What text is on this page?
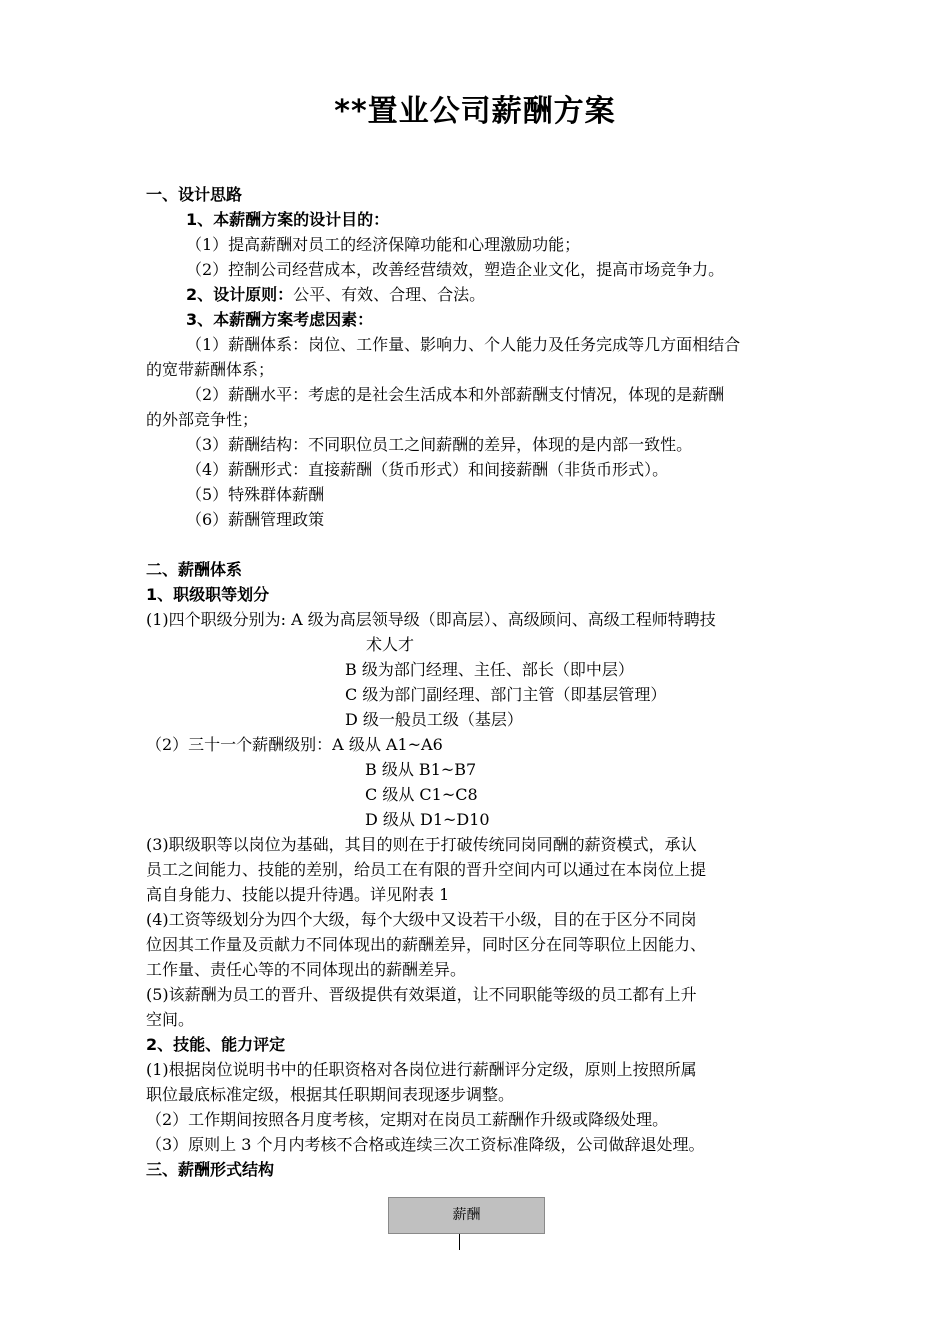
**置业公司薪酬方案
一、设计思路
1、本薪酬方案的设计目的：
（1）提高薪酬对员工的经济保障功能和心理激励功能；
（2）控制公司经营成本，改善经营绩效，塑造企业文化，提高市场竞争力。
2、设计原则：公平、有效、合理、合法。
3、本薪酬方案考虑因素：
（1）薪酬体系：岗位、工作量、影响力、个人能力及任务完成等几方面相结合
的宽带薪酬体系；
（2）薪酬水平：考虑的是社会生活成本和外部薪酬支付情况，体现的是薪酬
的外部竞争性；
（3）薪酬结构：不同职位员工之间薪酬的差异，体现的是内部一致性。
（4）薪酬形式：直接薪酬（货币形式）和间接薪酬（非货币形式）。
（5）特殊群体薪酬
（6）薪酬管理政策
二、薪酬体系
1、职级职等划分
(1)四个职级分别为: A 级为高层领导级（即高层）、高级顾问、高级工程师特聘技
术人才
B 级为部门经理、主任、部长（即中层）
C 级为部门副经理、部门主管（即基层管理）
D 级一般员工级（基层）
（2）三十一个薪酬级别：A 级从 A1~A6
B 级从 B1~B7
C 级从 C1~C8
D 级从 D1~D10
(3)职级职等以岗位为基础，其目的则在于打破传统同岗同酬的薪资模式，承认
员工之间能力、技能的差别，给员工在有限的晋升空间内可以通过在本岗位上提
高自身能力、技能以提升待遇。详见附表 1
(4)工资等级划分为四个大级，每个大级中又设若干小级，目的在于区分不同岗
位因其工作量及贡献力不同体现出的薪酬差异，同时区分在同等职位上因能力、
工作量、责任心等的不同体现出的薪酬差异。
(5)该薪酬为员工的晋升、晋级提供有效渠道，让不同职能等级的员工都有上升
空间。
2、技能、能力评定
(1)根据岗位说明书中的任职资格对各岗位进行薪酬评分定级，原则上按照所属
职位最底标准定级，根据其任职期间表现逐步调整。
（2）工作期间按照各月度考核，定期对在岗员工薪酬作升级或降级处理。
（3）原则上 3 个月内考核不合格或连续三次工资标准降级，公司做辞退处理。
三、薪酬形式结构
薪酬
